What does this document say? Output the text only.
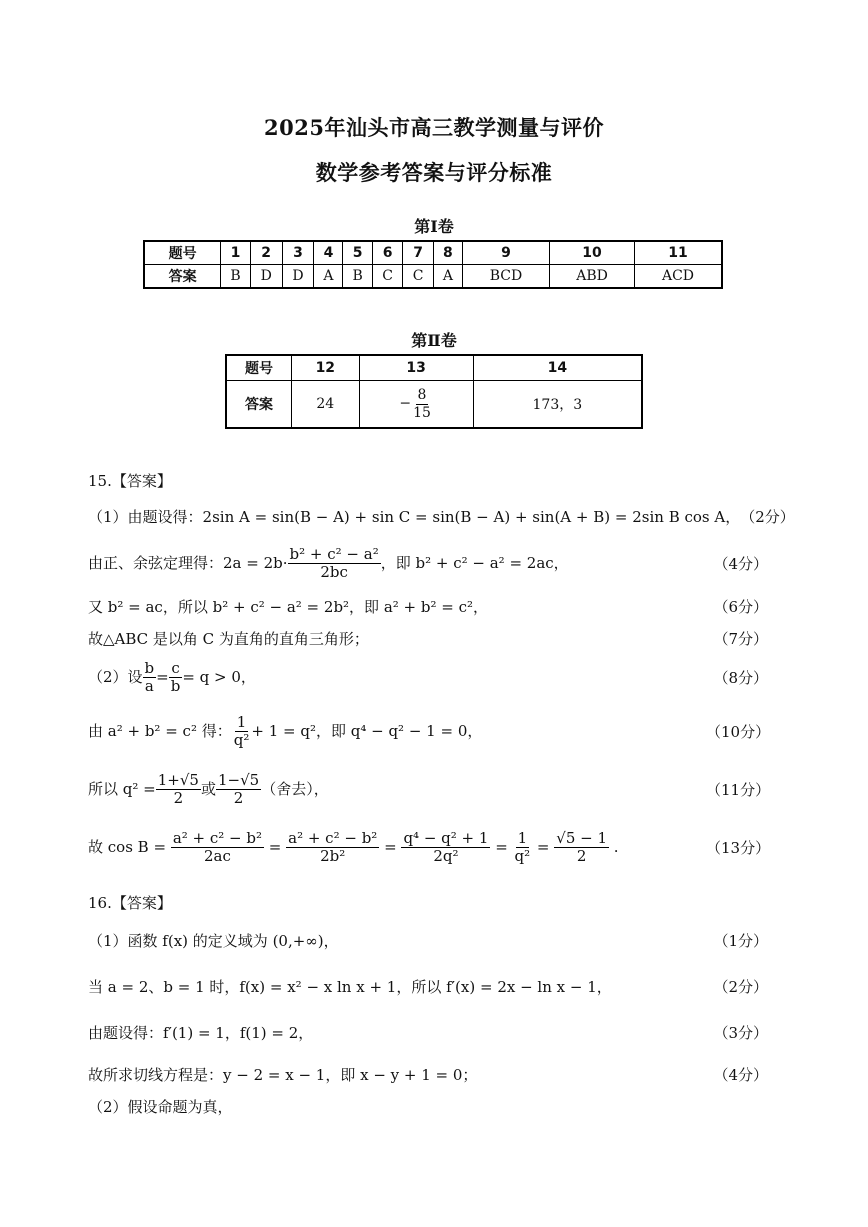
2025年汕头市高三教学测量与评价
数学参考答案与评分标准
第Ⅰ卷
题号	1	2	3	4	5	6	7	8	9	10	11
答案	B	D	D	A	B	C	C	A	BCD	ABD	ACD
第Ⅱ卷
题号	12	13	14
答案	24	− $\frac{8}{15}$	173，3
15.【答案】
（1）由题设得：2sin A = sin(B − A) + sin C = sin(B − A) + sin(A + B) = 2sin B cos A， （2分）
由正、余弦定理得：$2a = 2b\cdot \frac{\text{b² + c² − a²}}{2bc}$ ，即 b² + c² − a² = 2ac，	（4分）
又 b² = ac，所以 b² + c² − a² = 2b²，即 a² + b² = c²，	（6分）
故△ABC 是以角 C 为直角的直角三角形；	（7分）
（2）设 $\frac{b}{a} = \frac{c}{b} = q > 0$，	（8分）
由 a² + b² = c² 得： $\frac{1}{\text{q²}} + 1 = q^2$，即 q⁴ − q² − 1 = 0，	（10分）
所以 $q^2 = \frac{1+√5}{2}$ 或 $\frac{1-√5}{2}$ （舍去），	（11分）
故 $\cos B = \frac{\text{a² + c² − b²}}{2ac} = \frac{\text{a² + c² − b²}}{\text{2b²}} = \frac{\text{q⁴ − q² + 1}}{\text{2q²}} = \frac{1}{\text{q²}} = \frac{√5 - 1}{2}$ .	（13分）
16.【答案】
（1）函数 f(x) 的定义域为 (0,+∞)，	（1分）
当 a = 2、b = 1 时，f(x) = x² − x ln x + 1，所以 f′(x) = 2x − ln x − 1，	（2分）
由题设得：f′(1) = 1，f(1) = 2，	（3分）
故所求切线方程是：y − 2 = x − 1，即 x − y + 1 = 0；	（4分）
（2）假设命题为真，
